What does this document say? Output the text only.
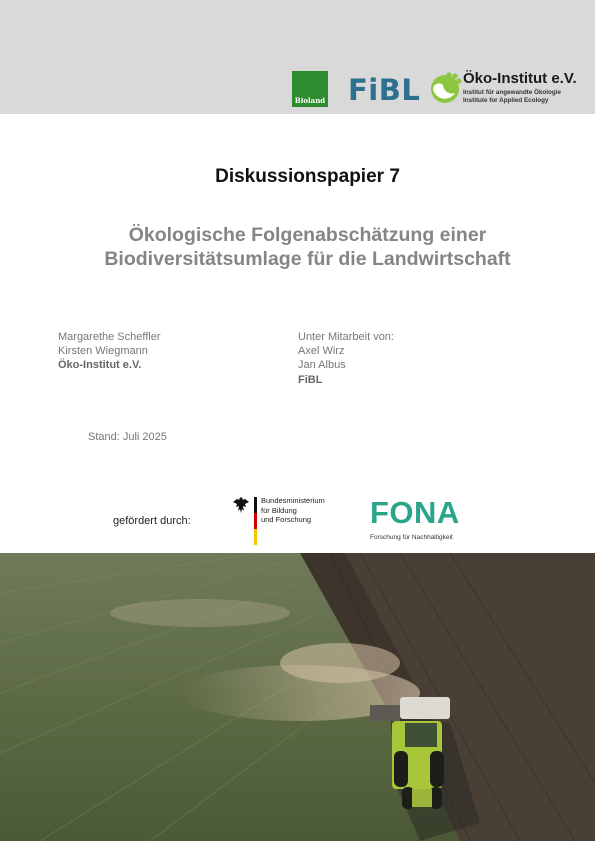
Bioland FiBL	Öko-Institut e.V.
Institut für angewandte Ökologie
Institute for Applied Ecology
Diskussionspapier 7
Ökologische Folgenabschätzung einer
Biodiversitätsumlage für die Landwirtschaft
Margarethe Scheffler
Kirsten Wiegmann
Öko-Institut e.V.
Unter Mitarbeit von:
Axel Wirz
Jan Albus
FiBL
Stand: Juli 2025
gefördert durch:
Bundesministerium
für Bildung
und Forschung	FONA
Forschung für Nachhaltigkeit
